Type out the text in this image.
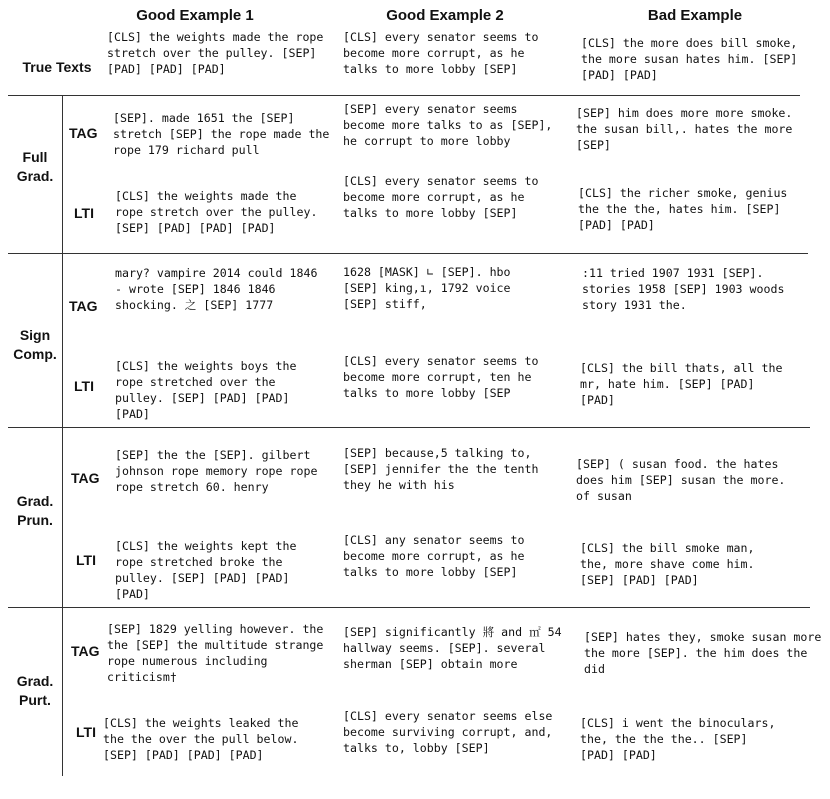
Good Example 1	Good Example 2	Bad Example
True Texts
[CLS] the weights made the rope stretch over the pulley. [SEP] [PAD] [PAD] [PAD]
[CLS] every senator seems to become more corrupt, as he talks to more lobby [SEP]
[CLS] the more does bill smoke, the more susan hates him. [SEP] [PAD] [PAD]
Full
Grad.
TAG
[SEP]. made 1651 the [SEP] stretch [SEP] the rope made the rope 179 richard pull
[SEP] every senator seems become more talks to as [SEP], he corrupt to more lobby
[SEP] him does more more smoke. the susan bill,. hates the more [SEP]
LTI
[CLS] the weights made the rope stretch over the pulley. [SEP] [PAD] [PAD] [PAD]
[CLS] every senator seems to become more corrupt, as he talks to more lobby [SEP]
[CLS] the richer smoke, genius the the the, hates him. [SEP] [PAD] [PAD]
Sign
Comp.
TAG
mary? vampire 2014 could 1846 - wrote [SEP] 1846 1846 shocking. 之 [SEP] 1777
1628 [MASK] ∟ [SEP]. hbo [SEP] king,ı, 1792 voice [SEP] stiff,
:11 tried 1907 1931 [SEP]. stories 1958 [SEP] 1903 woods story 1931 the.
LTI
[CLS] the weights boys the rope stretched over the pulley. [SEP] [PAD] [PAD] [PAD]
[CLS] every senator seems to become more corrupt, ten he talks to more lobby [SEP
[CLS] the bill thats, all the mr, hate him. [SEP] [PAD] [PAD]
Grad.
Prun.
TAG
[SEP] the the [SEP]. gilbert johnson rope memory rope rope rope stretch 60. henry
[SEP] because,5 talking to, [SEP] jennifer the the tenth they he with his
[SEP] ( susan food. the hates does him [SEP] susan the more. of susan
LTI
[CLS] the weights kept the rope stretched broke the pulley. [SEP] [PAD] [PAD] [PAD]
[CLS] any senator seems to become more corrupt, as he talks to more lobby [SEP]
[CLS] the bill smoke man, the, more shave come him. [SEP] [PAD] [PAD]
Grad.
Purt.
TAG
[SEP] 1829 yelling however. the the [SEP] the multitude strange rope numerous including criticism†
[SEP] significantly 將 and ㎡ 54 hallway seems. [SEP]. several sherman [SEP] obtain more
[SEP] hates they, smoke susan more the more [SEP]. the him does the did
LTI
[CLS] the weights leaked the the the over the pull below. [SEP] [PAD] [PAD] [PAD]
[CLS] every senator seems else become surviving corrupt, and, talks to, lobby [SEP]
[CLS] i went the binoculars, the, the the the.. [SEP] [PAD] [PAD]
